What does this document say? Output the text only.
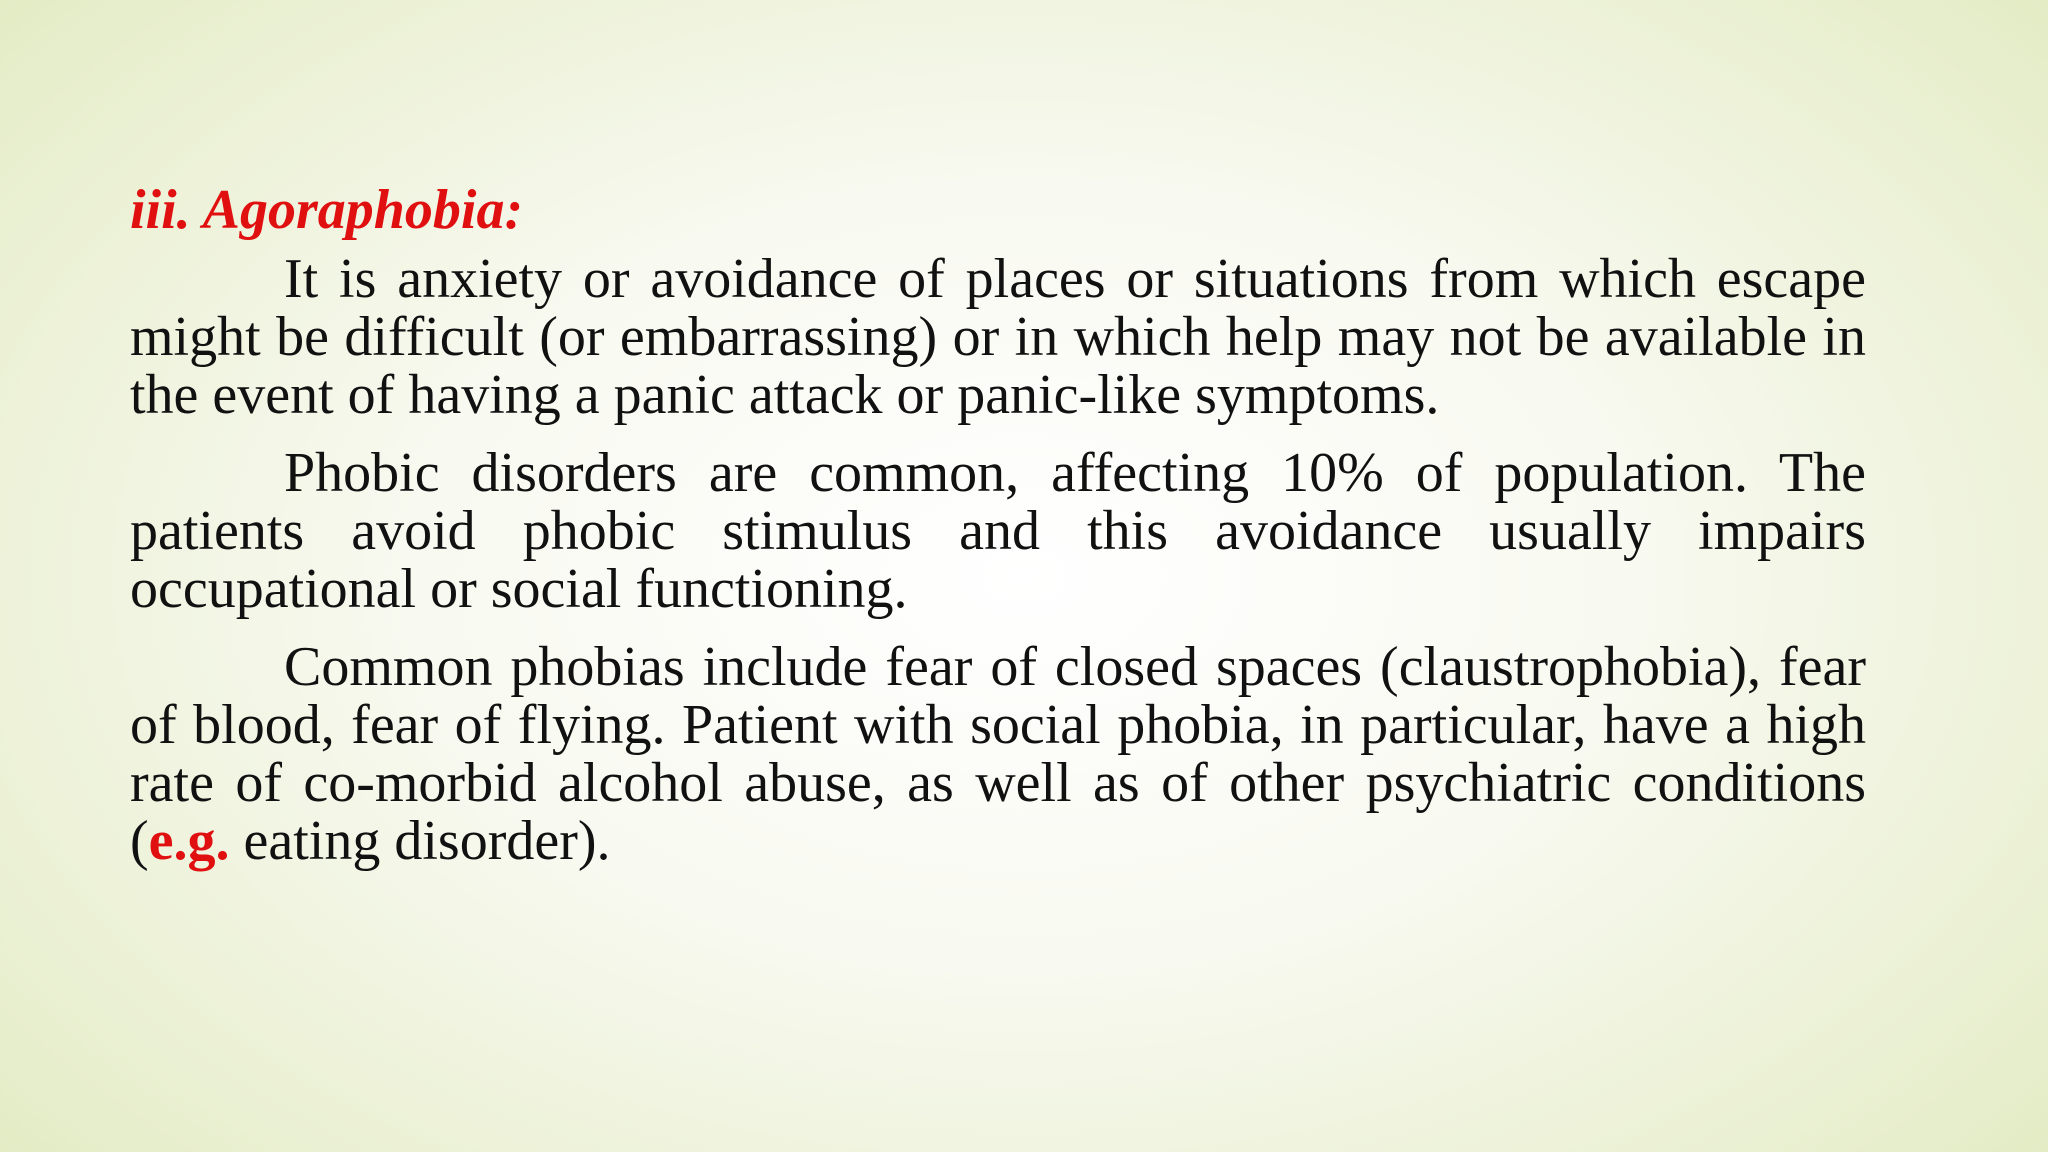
iii. Agoraphobia:

It is anxiety or avoidance of places or situations from which escape might be difficult (or embarrassing) or in which help may not be available in the event of having a panic attack or panic-like symptoms.

Phobic disorders are common, affecting 10% of population. The patients avoid phobic stimulus and this avoidance usually impairs occupational or social functioning.

Common phobias include fear of closed spaces (claustrophobia), fear of blood, fear of flying. Patient with social phobia, in particular, have a high rate of co-morbid alcohol abuse, as well as of other psychiatric conditions (e.g. eating disorder).
